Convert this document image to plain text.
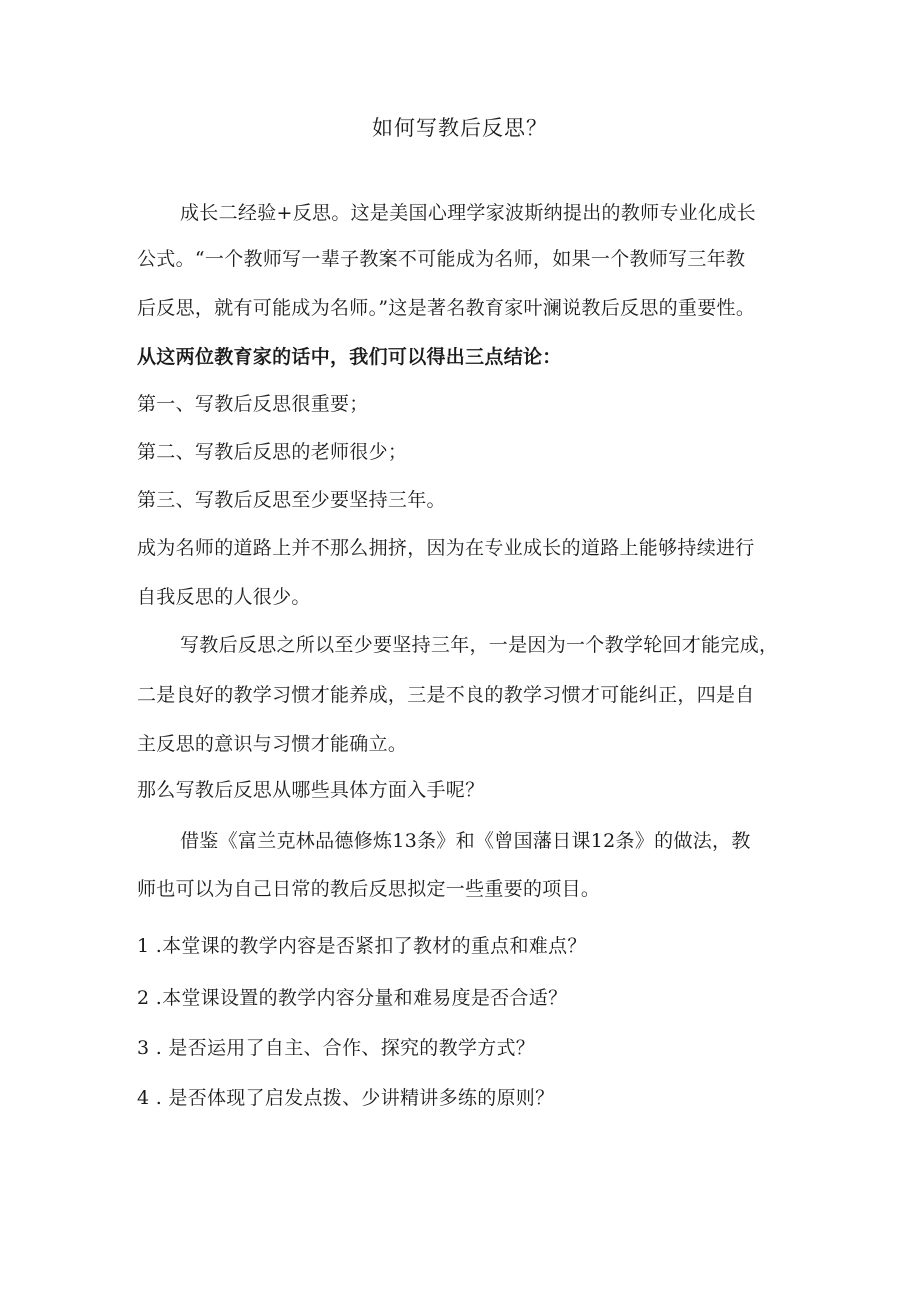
如何写教后反思？
成长二经验+反思。这是美国心理学家波斯纳提出的教师专业化成长
公式。“一个教师写一辈子教案不可能成为名师，如果一个教师写三年教
后反思，就有可能成为名师。”这是著名教育家叶澜说教后反思的重要性。
从这两位教育家的话中，我们可以得出三点结论：
第一、写教后反思很重要；
第二、写教后反思的老师很少；
第三、写教后反思至少要坚持三年。
成为名师的道路上并不那么拥挤，因为在专业成长的道路上能够持续进行
自我反思的人很少。
写教后反思之所以至少要坚持三年，一是因为一个教学轮回才能完成，
二是良好的教学习惯才能养成，三是不良的教学习惯才可能纠正，四是自
主反思的意识与习惯才能确立。
那么写教后反思从哪些具体方面入手呢？
借鉴《富兰克林品德修炼13条》和《曾国藩日课12条》的做法，教
师也可以为自己日常的教后反思拟定一些重要的项目。
1 .本堂课的教学内容是否紧扣了教材的重点和难点？
2 .本堂课设置的教学内容分量和难易度是否合适？
3 . 是否运用了自主、合作、探究的教学方式？
4 . 是否体现了启发点拨、少讲精讲多练的原则？
